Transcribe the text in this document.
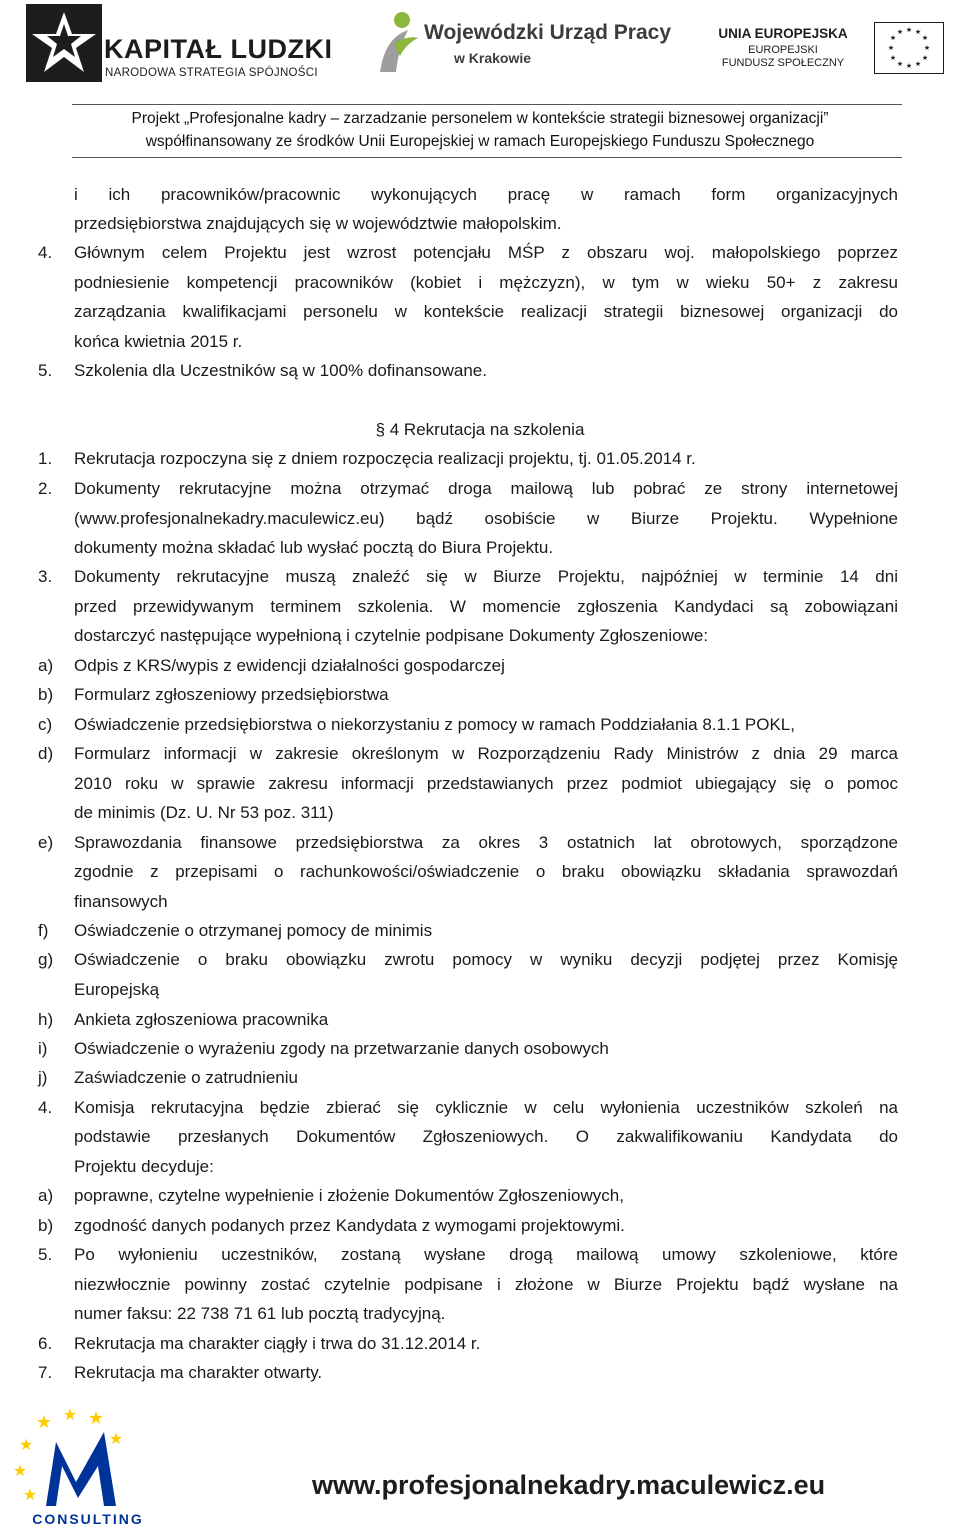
KAPITAŁ LUDZKI
NARODOWA STRATEGIA SPÓJNOŚCI
Wojewódzki Urząd Pracy
w Krakowie
UNIA EUROPEJSKA
EUROPEJSKI
FUNDUSZ SPOŁECZNY
★ ★
★
★
★
★
★
★
★
★
★
★
Projekt „Profesjonalne kadry – zarzadzanie personelem w kontekście strategii biznesowej organizacji”
współfinansowany ze środków Unii Europejskiej w ramach Europejskiego Funduszu Społecznego
i ich pracowników/pracownic wykonujących pracę w ramach form organizacyjnych
przedsiębiorstwa znajdujących się w województwie małopolskim.
4. Głównym celem Projektu jest wzrost potencjału MŚP z obszaru woj. małopolskiego poprzez
podniesienie kompetencji pracowników (kobiet i mężczyzn), w tym w wieku 50+ z zakresu
zarządzania kwalifikacjami personelu w kontekście realizacji strategii biznesowej organizacji do
końca kwietnia 2015 r.
5. Szkolenia dla Uczestników są w 100% dofinansowane.
§ 4 Rekrutacja na szkolenia
1. Rekrutacja rozpoczyna się z dniem rozpoczęcia realizacji projektu, tj. 01.05.2014 r.
2. Dokumenty rekrutacyjne można otrzymać droga mailową lub pobrać ze strony internetowej
(www.profesjonalnekadry.maculewicz.eu) bądź osobiście w Biurze Projektu. Wypełnione
dokumenty można składać lub wysłać pocztą do Biura Projektu.
3. Dokumenty rekrutacyjne muszą znaleźć się w Biurze Projektu, najpóźniej w terminie 14 dni
przed przewidywanym terminem szkolenia. W momencie zgłoszenia Kandydaci są zobowiązani
dostarczyć następujące wypełnioną i czytelnie podpisane Dokumenty Zgłoszeniowe:
a) Odpis z KRS/wypis z ewidencji działalności gospodarczej
b) Formularz zgłoszeniowy przedsiębiorstwa
c) Oświadczenie przedsiębiorstwa o niekorzystaniu z pomocy w ramach Poddziałania 8.1.1 POKL,
d) Formularz informacji w zakresie określonym w Rozporządzeniu Rady Ministrów z dnia 29 marca
2010 roku w sprawie zakresu informacji przedstawianych przez podmiot ubiegający się o pomoc
de minimis (Dz. U. Nr 53 poz. 311)
e) Sprawozdania finansowe przedsiębiorstwa za okres 3 ostatnich lat obrotowych, sporządzone
zgodnie z przepisami o rachunkowości/oświadczenie o braku obowiązku składania sprawozdań
finansowych
f) Oświadczenie o otrzymanej pomocy de minimis
g) Oświadczenie o braku obowiązku zwrotu pomocy w wyniku decyzji podjętej przez Komisję
Europejską
h) Ankieta zgłoszeniowa pracownika
i) Oświadczenie o wyrażeniu zgody na przetwarzanie danych osobowych
j) Zaświadczenie o zatrudnieniu
4. Komisja rekrutacyjna będzie zbierać się cyklicznie w celu wyłonienia uczestników szkoleń na
podstawie przesłanych Dokumentów Zgłoszeniowych. O zakwalifikowaniu Kandydata do
Projektu decyduje:
a) poprawne, czytelne wypełnienie i złożenie Dokumentów Zgłoszeniowych,
b) zgodność danych podanych przez Kandydata z wymogami projektowymi.
5. Po wyłonieniu uczestników, zostaną wysłane drogą mailową umowy szkoleniowe, które
niezwłocznie powinny zostać czytelnie podpisane i złożone w Biurze Projektu bądź wysłane na
numer faksu: 22 738 71 61 lub pocztą tradycyjną.
6. Rekrutacja ma charakter ciągły i trwa do 31.12.2014 r.
7. Rekrutacja ma charakter otwarty.
★ ★ ★
★	★
★
★
CONSULTING
www.profesjonalnekadry.maculewicz.eu
